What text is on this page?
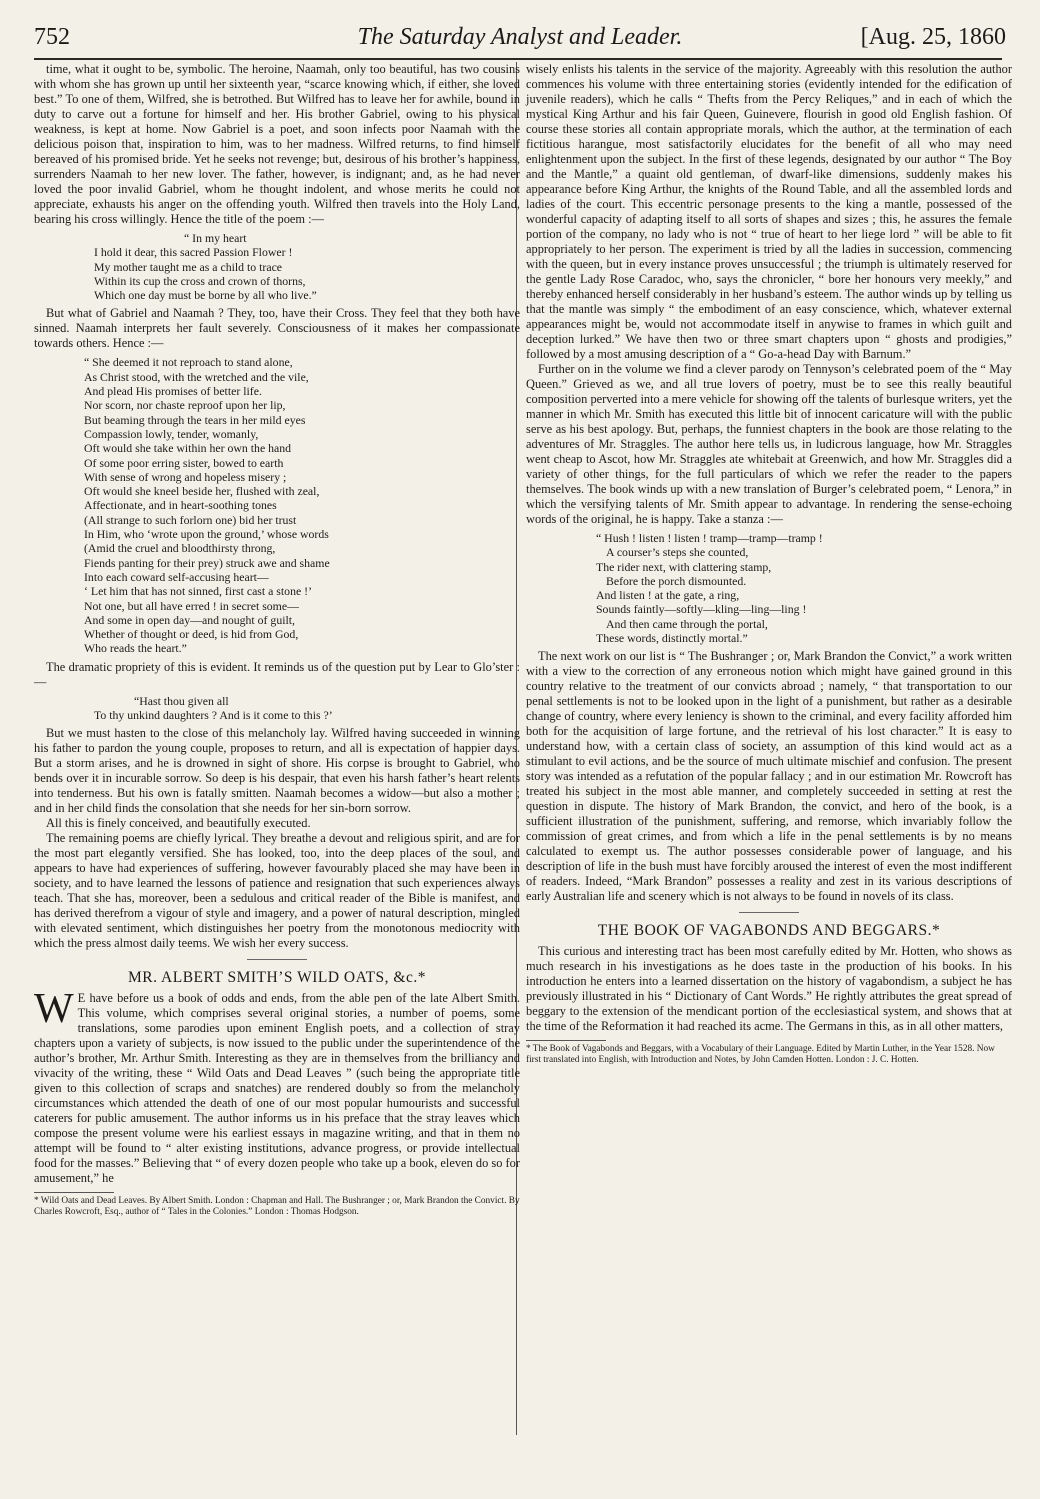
752	The Saturday Analyst and Leader.	[Aug. 25, 1860

time, what it ought to be, symbolic. The heroine, Naamah, only too beautiful, has two cousins with whom she has grown up until her sixteenth year, “scarce knowing which, if either, she loved best.” To one of them, Wilfred, she is betrothed. But Wilfred has to leave her for awhile, bound in duty to carve out a fortune for himself and her. His brother Gabriel, owing to his physical weakness, is kept at home. Now Gabriel is a poet, and soon infects poor Naamah with the delicious poison that, inspiration to him, was to her madness. Wilfred returns, to find himself bereaved of his promised bride. Yet he seeks not revenge; but, desirous of his brother’s happiness, surrenders Naamah to her new lover. The father, however, is indignant; and, as he had never loved the poor invalid Gabriel, whom he thought indolent, and whose merits he could not appreciate, exhausts his anger on the offending youth. Wilfred then travels into the Holy Land, bearing his cross willingly. Hence the title of the poem :—

“ In my heart
I hold it dear, this sacred Passion Flower !
My mother taught me as a child to trace
Within its cup the cross and crown of thorns,
Which one day must be borne by all who live.”

But what of Gabriel and Naamah ? They, too, have their Cross. They feel that they both have sinned. Naamah interprets her fault severely. Consciousness of it makes her compassionate towards others. Hence :—

“ She deemed it not reproach to stand alone,
As Christ stood, with the wretched and the vile,
And plead His promises of better life.
Nor scorn, nor chaste reproof upon her lip,
But beaming through the tears in her mild eyes
Compassion lowly, tender, womanly,
Oft would she take within her own the hand
Of some poor erring sister, bowed to earth
With sense of wrong and hopeless misery ;
Oft would she kneel beside her, flushed with zeal,
Affectionate, and in heart-soothing tones
(All strange to such forlorn one) bid her trust
In Him, who ‘wrote upon the ground,’ whose words
(Amid the cruel and bloodthirsty throng,
Fiends panting for their prey) struck awe and shame
Into each coward self-accusing heart—
‘ Let him that has not sinned, first cast a stone !’
Not one, but all have erred ! in secret some—
And some in open day—and nought of guilt,
Whether of thought or deed, is hid from God,
Who reads the heart.”

The dramatic propriety of this is evident. It reminds us of the question put by Lear to Glo’ster :—

“Hast thou given all
To thy unkind daughters ? And is it come to this ?’

But we must hasten to the close of this melancholy lay. Wilfred having succeeded in winning his father to pardon the young couple, proposes to return, and all is expectation of happier days. But a storm arises, and he is drowned in sight of shore. His corpse is brought to Gabriel, who bends over it in incurable sorrow. So deep is his despair, that even his harsh father’s heart relents into tenderness. But his own is fatally smitten. Naamah becomes a widow—but also a mother ; and in her child finds the consolation that she needs for her sin-born sorrow.

All this is finely conceived, and beautifully executed.

The remaining poems are chiefly lyrical. They breathe a devout and religious spirit, and are for the most part elegantly versified. She has looked, too, into the deep places of the soul, and appears to have had experiences of suffering, however favourably placed she may have been in society, and to have learned the lessons of patience and resignation that such experiences always teach. That she has, moreover, been a sedulous and critical reader of the Bible is manifest, and has derived therefrom a vigour of style and imagery, and a power of natural description, mingled with elevated sentiment, which distinguishes her poetry from the monotonous mediocrity with which the press almost daily teems. We wish her every success.

MR. ALBERT SMITH’S WILD OATS, &c.*

W E have before us a book of odds and ends, from the able pen of the late Albert Smith. This volume, which comprises several original stories, a number of poems, some translations, some parodies upon eminent English poets, and a collection of stray chapters upon a variety of subjects, is now issued to the public under the superintendence of the author’s brother, Mr. Arthur Smith. Interesting as they are in themselves from the brilliancy and vivacity of the writing, these “ Wild Oats and Dead Leaves ” (such being the appropriate title given to this collection of scraps and snatches) are rendered doubly so from the melancholy circumstances which attended the death of one of our most popular humourists and successful caterers for public amusement. The author informs us in his preface that the stray leaves which compose the present volume were his earliest essays in magazine writing, and that in them no attempt will be found to “ alter existing institutions, advance progress, or provide intellectual food for the masses.” Believing that “ of every dozen people who take up a book, eleven do so for amusement,” he

* Wild Oats and Dead Leaves. By Albert Smith. London : Chapman and Hall. The Bushranger ; or, Mark Brandon the Convict. By Charles Rowcroft, Esq., author of “ Tales in the Colonies.” London : Thomas Hodgson.

wisely enlists his talents in the service of the majority. Agreeably with this resolution the author commences his volume with three entertaining stories (evidently intended for the edification of juvenile readers), which he calls “ Thefts from the Percy Reliques,” and in each of which the mystical King Arthur and his fair Queen, Guinevere, flourish in good old English fashion. Of course these stories all contain appropriate morals, which the author, at the termination of each fictitious harangue, most satisfactorily elucidates for the benefit of all who may need enlightenment upon the subject. In the first of these legends, designated by our author “ The Boy and the Mantle,” a quaint old gentleman, of dwarf-like dimensions, suddenly makes his appearance before King Arthur, the knights of the Round Table, and all the assembled lords and ladies of the court. This eccentric personage presents to the king a mantle, possessed of the wonderful capacity of adapting itself to all sorts of shapes and sizes ; this, he assures the female portion of the company, no lady who is not “ true of heart to her liege lord ” will be able to fit appropriately to her person. The experiment is tried by all the ladies in succession, commencing with the queen, but in every instance proves unsuccessful ; the triumph is ultimately reserved for the gentle Lady Rose Caradoc, who, says the chronicler, “ bore her honours very meekly,” and thereby enhanced herself considerably in her husband’s esteem. The author winds up by telling us that the mantle was simply “ the embodiment of an easy conscience, which, whatever external appearances might be, would not accommodate itself in anywise to frames in which guilt and deception lurked.” We have then two or three smart chapters upon “ ghosts and prodigies,” followed by a most amusing description of a “ Go-a-head Day with Barnum.”

Further on in the volume we find a clever parody on Tennyson’s celebrated poem of the “ May Queen.” Grieved as we, and all true lovers of poetry, must be to see this really beautiful composition perverted into a mere vehicle for showing off the talents of burlesque writers, yet the manner in which Mr. Smith has executed this little bit of innocent caricature will with the public serve as his best apology. But, perhaps, the funniest chapters in the book are those relating to the adventures of Mr. Straggles. The author here tells us, in ludicrous language, how Mr. Straggles went cheap to Ascot, how Mr. Straggles ate whitebait at Greenwich, and how Mr. Straggles did a variety of other things, for the full particulars of which we refer the reader to the papers themselves. The book winds up with a new translation of Burger’s celebrated poem, “ Lenora,” in which the versifying talents of Mr. Smith appear to advantage. In rendering the sense-echoing words of the original, he is happy. Take a stanza :—

“ Hush ! listen ! listen ! tramp—tramp—tramp !
A courser’s steps she counted,
The rider next, with clattering stamp,
Before the porch dismounted.
And listen ! at the gate, a ring,
Sounds faintly—softly—kling—ling—ling !
And then came through the portal,
These words, distinctly mortal.”

The next work on our list is “ The Bushranger ; or, Mark Brandon the Convict,” a work written with a view to the correction of any erroneous notion which might have gained ground in this country relative to the treatment of our convicts abroad ; namely, “ that transportation to our penal settlements is not to be looked upon in the light of a punishment, but rather as a desirable change of country, where every leniency is shown to the criminal, and every facility afforded him both for the acquisition of large fortune, and the retrieval of his lost character.” It is easy to understand how, with a certain class of society, an assumption of this kind would act as a stimulant to evil actions, and be the source of much ultimate mischief and confusion. The present story was intended as a refutation of the popular fallacy ; and in our estimation Mr. Rowcroft has treated his subject in the most able manner, and completely succeeded in setting at rest the question in dispute. The history of Mark Brandon, the convict, and hero of the book, is a sufficient illustration of the punishment, suffering, and remorse, which invariably follow the commission of great crimes, and from which a life in the penal settlements is by no means calculated to exempt us. The author possesses considerable power of language, and his description of life in the bush must have forcibly aroused the interest of even the most indifferent of readers. Indeed, “Mark Brandon” possesses a reality and zest in its various descriptions of early Australian life and scenery which is not always to be found in novels of its class.

THE BOOK OF VAGABONDS AND BEGGARS.*

This curious and interesting tract has been most carefully edited by Mr. Hotten, who shows as much research in his investigations as he does taste in the production of his books. In his introduction he enters into a learned dissertation on the history of vagabondism, a subject he has previously illustrated in his “ Dictionary of Cant Words.” He rightly attributes the great spread of beggary to the extension of the mendicant portion of the ecclesiastical system, and shows that at the time of the Reformation it had reached its acme. The Germans in this, as in all other matters,

* The Book of Vagabonds and Beggars, with a Vocabulary of their Language. Edited by Martin Luther, in the Year 1528. Now first translated into English, with Introduction and Notes, by John Camden Hotten. London : J. C. Hotten.
